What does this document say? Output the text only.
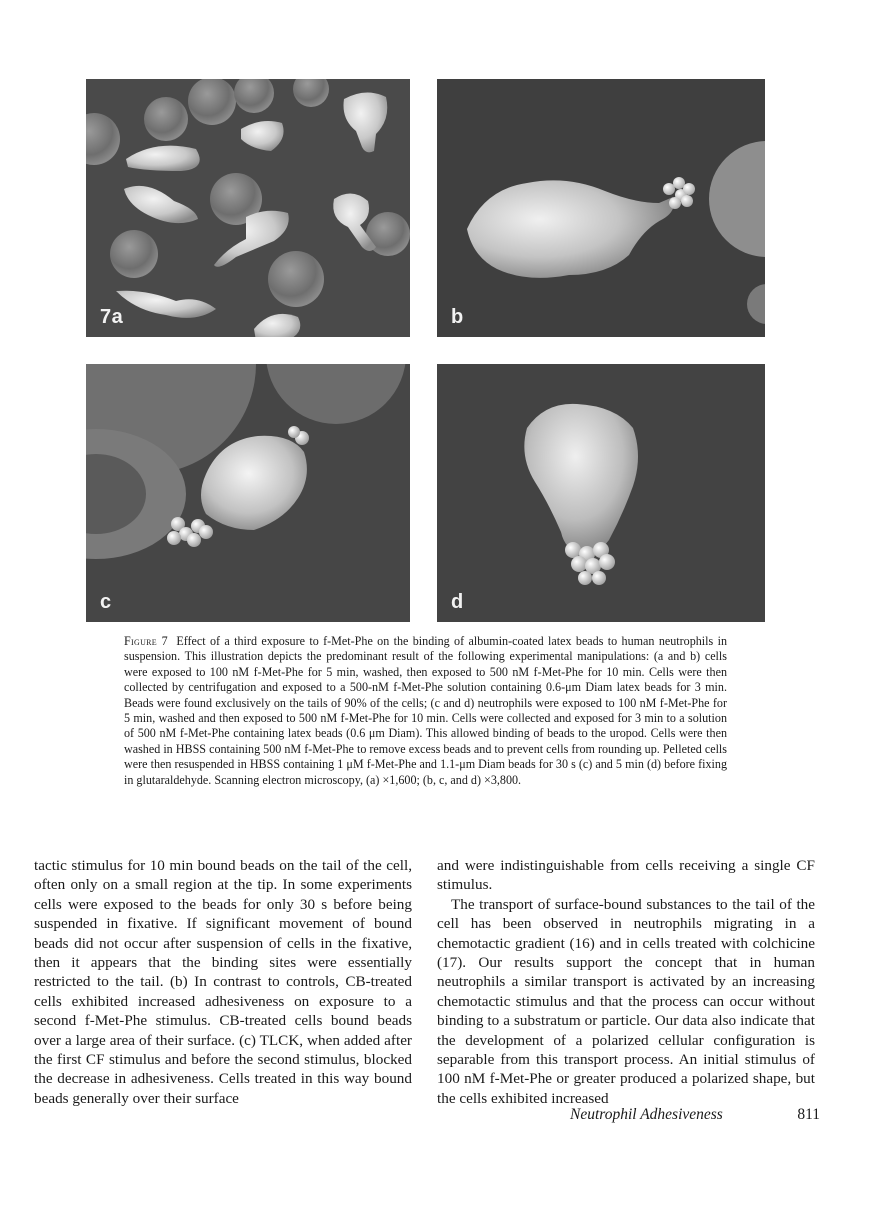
7a	b
c	d
Figure 7 Effect of a third exposure to f-Met-Phe on the binding of albumin-coated latex beads to human neutrophils in suspension. This illustration depicts the predominant result of the following experimental manipulations: (a and b) cells were exposed to 100 nM f-Met-Phe for 5 min, washed, then exposed to 500 nM f-Met-Phe for 10 min. Cells were then collected by centrifugation and exposed to a 500-nM f-Met-Phe solution containing 0.6-μm Diam latex beads for 3 min. Beads were found exclusively on the tails of 90% of the cells; (c and d) neutrophils were exposed to 100 nM f-Met-Phe for 5 min, washed and then exposed to 500 nM f-Met-Phe for 10 min. Cells were collected and exposed for 3 min to a solution of 500 nM f-Met-Phe containing latex beads (0.6 μm Diam). This allowed binding of beads to the uropod. Cells were then washed in HBSS containing 500 nM f-Met-Phe to remove excess beads and to prevent cells from rounding up. Pelleted cells were then resuspended in HBSS containing 1 μM f-Met-Phe and 1.1-μm Diam beads for 30 s (c) and 5 min (d) before fixing in glutaraldehyde. Scanning electron microscopy, (a) ×1,600; (b, c, and d) ×3,800.

tactic stimulus for 10 min bound beads on the tail of the cell, often only on a small region at the tip. In some experiments cells were exposed to the beads for only 30 s before being suspended in fixative. If significant movement of bound beads did not occur after suspension of cells in the fixative, then it appears that the binding sites were essentially restricted to the tail. (b) In contrast to controls, CB-treated cells exhibited increased adhesiveness on exposure to a second f-Met-Phe stimulus. CB-treated cells bound beads over a large area of their surface. (c) TLCK, when added after the first CF stimulus and before the second stimulus, blocked the decrease in adhesiveness. Cells treated in this way bound beads generally over their surface

and were indistinguishable from cells receiving a single CF stimulus.

The transport of surface-bound substances to the tail of the cell has been observed in neutrophils migrating in a chemotactic gradient (16) and in cells treated with colchicine (17). Our results support the concept that in human neutrophils a similar transport is activated by an increasing chemotactic stimulus and that the process can occur without binding to a substratum or particle. Our data also indicate that the development of a polarized cellular configuration is separable from this transport process. An initial stimulus of 100 nM f-Met-Phe or greater produced a polarized shape, but the cells exhibited increased

Neutrophil Adhesiveness	811
